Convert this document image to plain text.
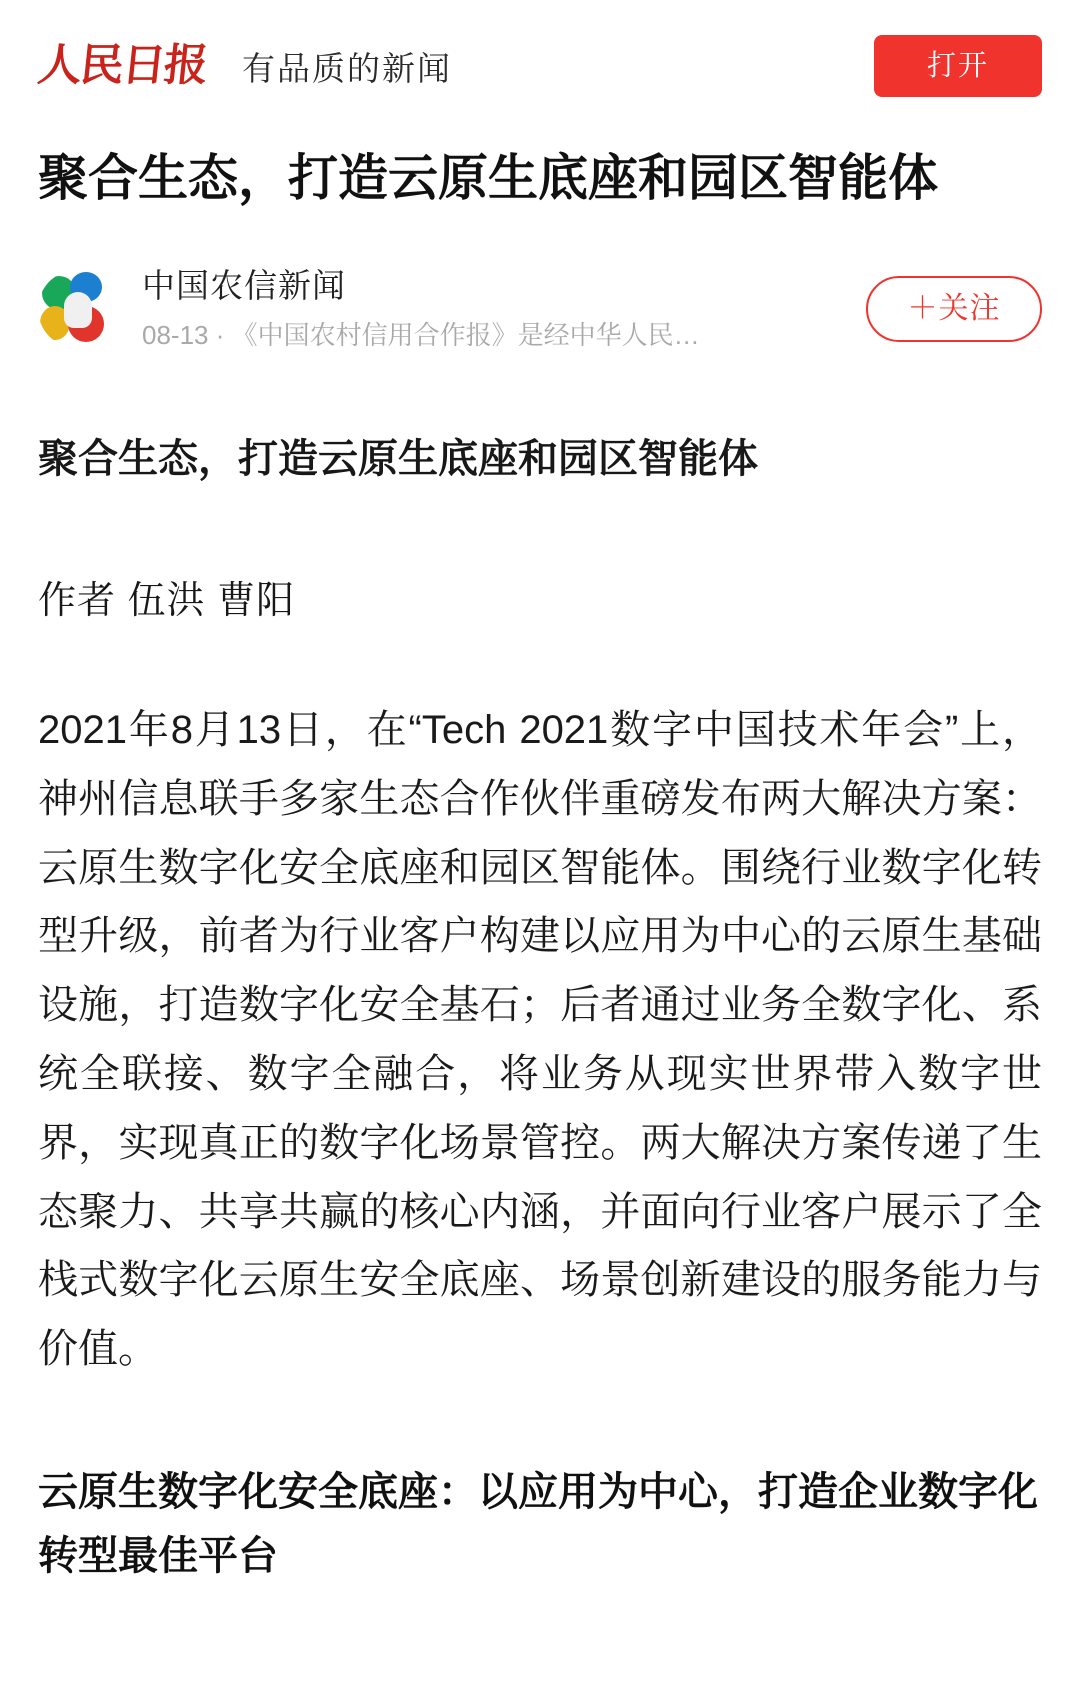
人民日报 有品质的新闻	打开
聚合生态，打造云原生底座和园区智能体
中国农信新闻
08-13 · 《中国农村信用合作报》是经中华人民…
＋关注
聚合生态，打造云原生底座和园区智能体
作者 伍洪 曹阳

2021年8月13日，在“Tech 2021数字中国技术年会”上，神州信息联手多家生态合作伙伴重磅发布两大解决方案：云原生数字化安全底座和园区智能体。围绕行业数字化转型升级，前者为行业客户构建以应用为中心的云原生基础设施，打造数字化安全基石；后者通过业务全数字化、系统全联接、数字全融合，将业务从现实世界带入数字世界，实现真正的数字化场景管控。两大解决方案传递了生态聚力、共享共赢的核心内涵，并面向行业客户展示了全栈式数字化云原生安全底座、场景创新建设的服务能力与价值。

云原生数字化安全底座：以应用为中心，打造企业数字化转型最佳平台
